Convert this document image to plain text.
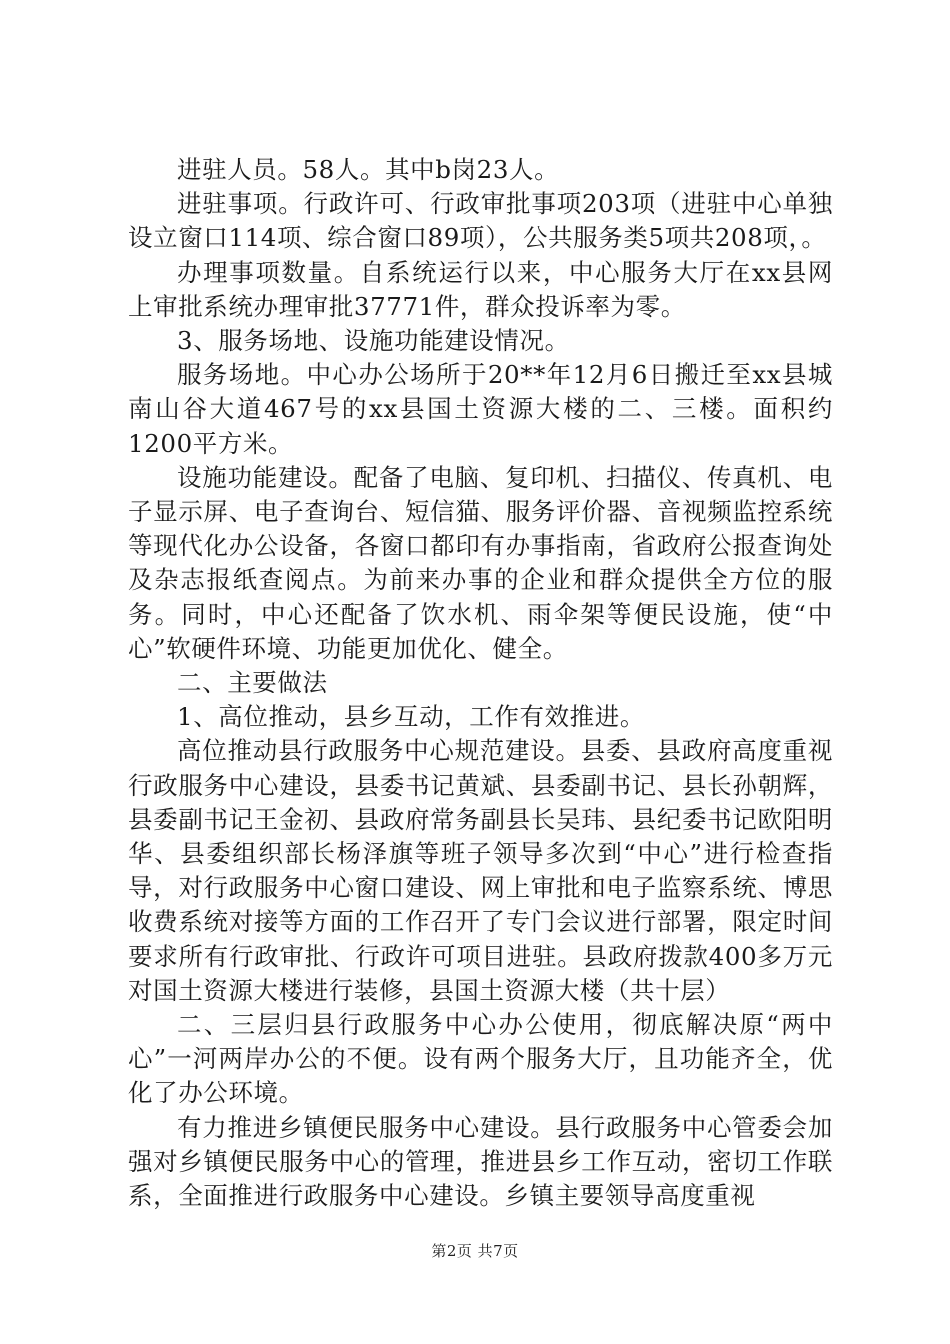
进驻人员。58人。其中b岗23人。

进驻事项。行政许可、行政审批事项203项（进驻中心单独设立窗口114项、综合窗口89项），公共服务类5项共208项，。

办理事项数量。自系统运行以来，中心服务大厅在xx县网上审批系统办理审批37771件，群众投诉率为零。

3、服务场地、设施功能建设情况。

服务场地。中心办公场所于20**年12月6日搬迁至xx县城南山谷大道467号的xx县国土资源大楼的二、三楼。面积约1200平方米。

设施功能建设。配备了电脑、复印机、扫描仪、传真机、电子显示屏、电子查询台、短信猫、服务评价器、音视频监控系统等现代化办公设备，各窗口都印有办事指南，省政府公报查询处及杂志报纸查阅点。为前来办事的企业和群众提供全方位的服务。同时，中心还配备了饮水机、雨伞架等便民设施，使“中心”软硬件环境、功能更加优化、健全。

二、主要做法

1、高位推动，县乡互动，工作有效推进。

高位推动县行政服务中心规范建设。县委、县政府高度重视行政服务中心建设，县委书记黄斌、县委副书记、县长孙朝辉，县委副书记王金初、县政府常务副县长吴玮、县纪委书记欧阳明华、县委组织部长杨泽旗等班子领导多次到“中心”进行检查指导，对行政服务中心窗口建设、网上审批和电子监察系统、博思收费系统对接等方面的工作召开了专门会议进行部署，限定时间要求所有行政审批、行政许可项目进驻。县政府拨款400多万元对国土资源大楼进行装修，县国土资源大楼（共十层）

二、三层归县行政服务中心办公使用，彻底解决原“两中心”一河两岸办公的不便。设有两个服务大厅，且功能齐全，优化了办公环境。

有力推进乡镇便民服务中心建设。县行政服务中心管委会加强对乡镇便民服务中心的管理，推进县乡工作互动，密切工作联系，全面推进行政服务中心建设。乡镇主要领导高度重视

第2页 共7页
